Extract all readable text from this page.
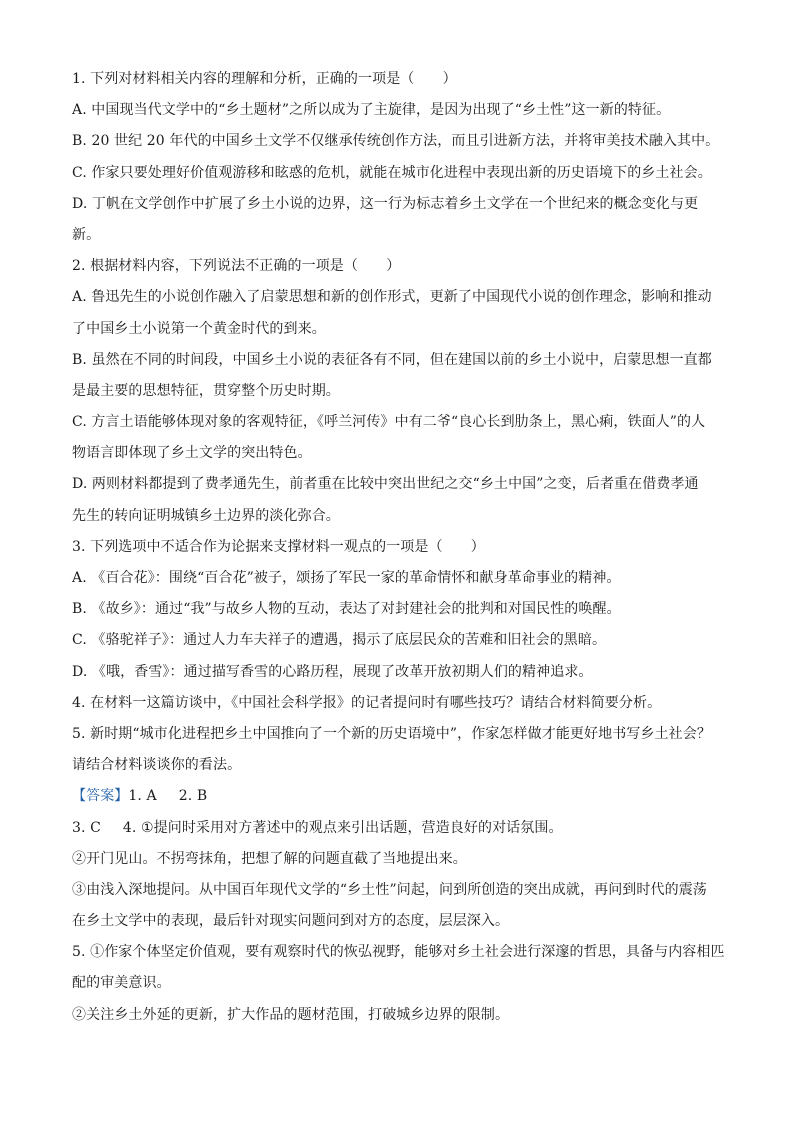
1. 下列对材料相关内容的理解和分析，正确的一项是（　　）
A. 中国现当代文学中的“乡土题材”之所以成为了主旋律，是因为出现了“乡土性”这一新的特征。
B. 20 世纪 20 年代的中国乡土文学不仅继承传统创作方法，而且引进新方法，并将审美技术融入其中。
C. 作家只要处理好价值观游移和眩惑的危机，就能在城市化进程中表现出新的历史语境下的乡土社会。
D. 丁帆在文学创作中扩展了乡土小说的边界，这一行为标志着乡土文学在一个世纪来的概念变化与更
新。
2. 根据材料内容，下列说法不正确的一项是（　　）
A. 鲁迅先生的小说创作融入了启蒙思想和新的创作形式，更新了中国现代小说的创作理念，影响和推动
了中国乡土小说第一个黄金时代的到来。
B. 虽然在不同的时间段，中国乡土小说的表征各有不同，但在建国以前的乡土小说中，启蒙思想一直都
是最主要的思想特征，贯穿整个历史时期。
C. 方言土语能够体现对象的客观特征，《呼兰河传》中有二爷“良心长到肋条上，黑心痢，铁面人”的人
物语言即体现了乡土文学的突出特色。
D. 两则材料都提到了费孝通先生，前者重在比较中突出世纪之交“乡土中国”之变，后者重在借费孝通
先生的转向证明城镇乡土边界的淡化弥合。
3. 下列选项中不适合作为论据来支撑材料一观点的一项是（　　）
A. 《百合花》：围绕“百合花”被子，颂扬了军民一家的革命情怀和献身革命事业的精神。
B. 《故乡》：通过“我”与故乡人物的互动，表达了对封建社会的批判和对国民性的唤醒。
C. 《骆驼祥子》：通过人力车夫祥子的遭遇，揭示了底层民众的苦难和旧社会的黑暗。
D. 《哦，香雪》：通过描写香雪的心路历程，展现了改革开放初期人们的精神追求。
4. 在材料一这篇访谈中，《中国社会科学报》的记者提问时有哪些技巧？请结合材料简要分析。
5. 新时期“城市化进程把乡土中国推向了一个新的历史语境中”，作家怎样做才能更好地书写乡土社会？
请结合材料谈谈你的看法。
【答案】1. A 2. B
3. C 4. ①提问时采用对方著述中的观点来引出话题，营造良好的对话氛围。
②开门见山。不拐弯抹角，把想了解的问题直截了当地提出来。
③由浅入深地提问。从中国百年现代文学的“乡土性”问起，问到所创造的突出成就，再问到时代的震荡
在乡土文学中的表现，最后针对现实问题问到对方的态度，层层深入。
5. ①作家个体坚定价值观，要有观察时代的恢弘视野，能够对乡土社会进行深邃的哲思，具备与内容相匹
配的审美意识。
②关注乡土外延的更新，扩大作品的题材范围，打破城乡边界的限制。
